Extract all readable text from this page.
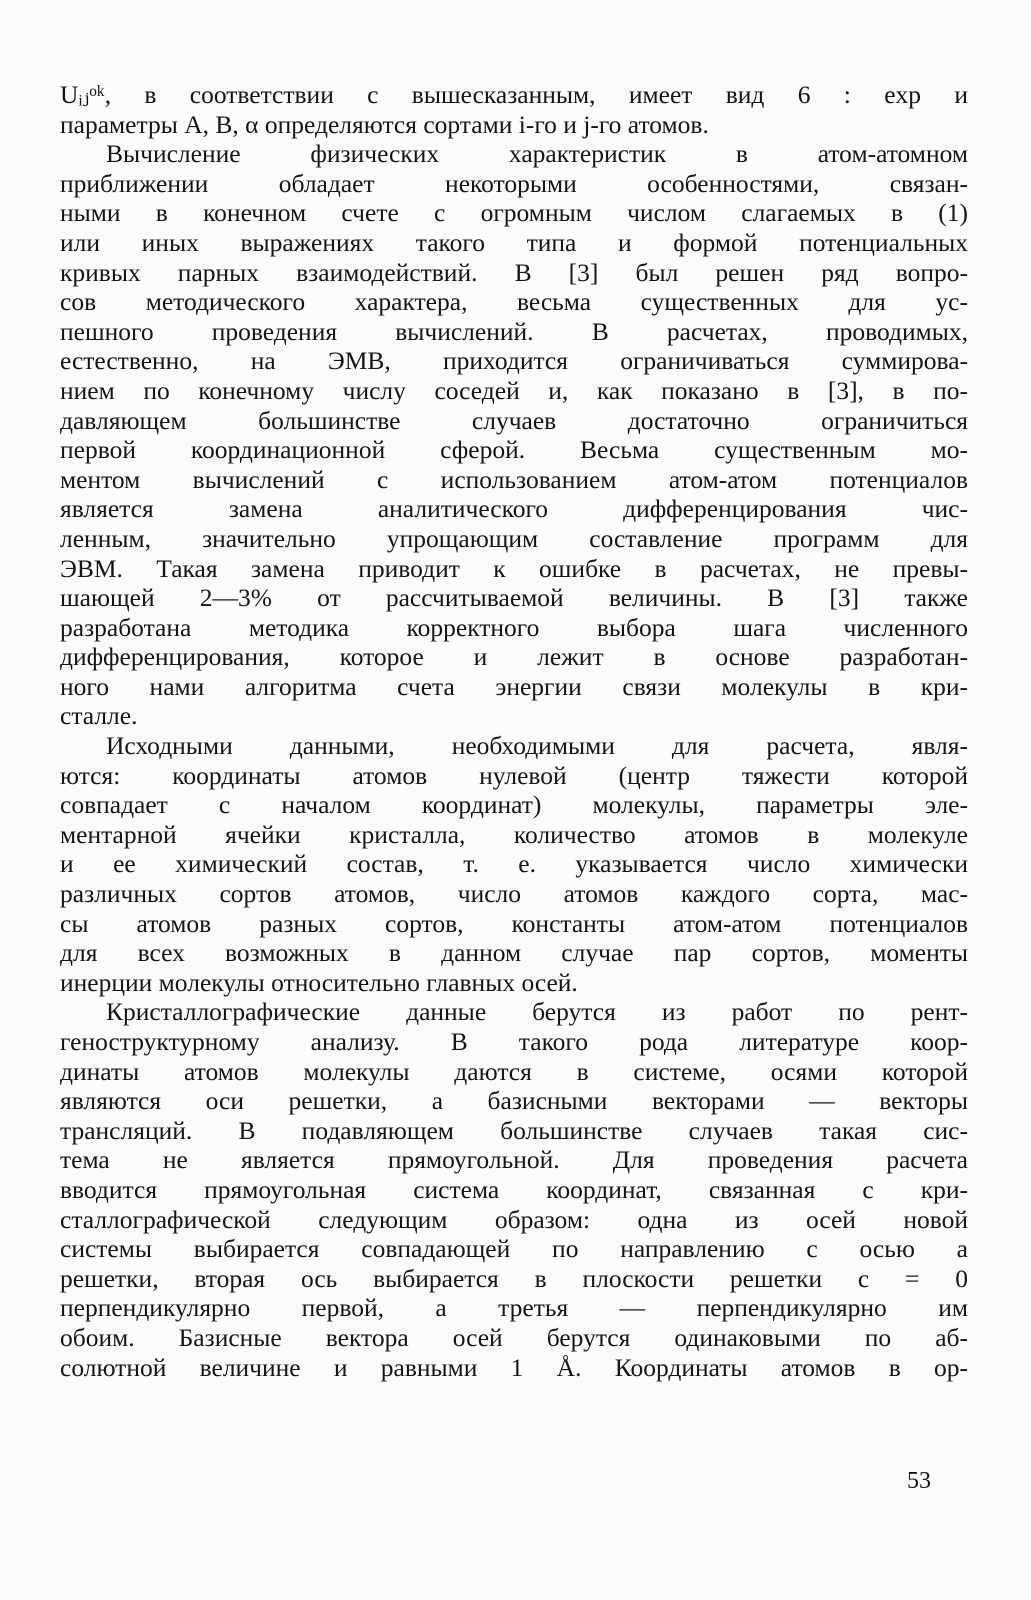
Uᵢⱼᵒᵏ, в соответствии с вышесказанным, имеет вид 6 : exp и
параметры A, B, α определяются сортами i-го и j-го атомов.
Вычисление физических характеристик в атом-атомном
приближении обладает некоторыми особенностями, связан-
ными в конечном счете с огромным числом слагаемых в (1)
или иных выражениях такого типа и формой потенциальных
кривых парных взаимодействий. В [3] был решен ряд вопро-
сов методического характера, весьма существенных для ус-
пешного проведения вычислений. В расчетах, проводимых,
естественно, на ЭМВ, приходится ограничиваться суммирова-
нием по конечному числу соседей и, как показано в [3], в по-
давляющем большинстве случаев достаточно ограничиться
первой координационной сферой. Весьма существенным мо-
ментом вычислений с использованием атом-атом потенциалов
является замена аналитического дифференцирования чис-
ленным, значительно упрощающим составление программ для
ЭВМ. Такая замена приводит к ошибке в расчетах, не превы-
шающей 2—3% от рассчитываемой величины. В [3] также
разработана методика корректного выбора шага численного
дифференцирования, которое и лежит в основе разработан-
ного нами алгоритма счета энергии связи молекулы в кри-
сталле.
Исходными данными, необходимыми для расчета, явля-
ются: координаты атомов нулевой (центр тяжести которой
совпадает с началом координат) молекулы, параметры эле-
ментарной ячейки кристалла, количество атомов в молекуле
и ее химический состав, т. е. указывается число химически
различных сортов атомов, число атомов каждого сорта, мас-
сы атомов разных сортов, константы атом-атом потенциалов
для всех возможных в данном случае пар сортов, моменты
инерции молекулы относительно главных осей.
Кристаллографические данные берутся из работ по рент-
геноструктурному анализу. В такого рода литературе коор-
динаты атомов молекулы даются в системе, осями которой
являются оси решетки, а базисными векторами — векторы
трансляций. В подавляющем большинстве случаев такая сис-
тема не является прямоугольной. Для проведения расчета
вводится прямоугольная система координат, связанная с кри-
сталлографической следующим образом: одна из осей новой
системы выбирается совпадающей по направлению с осью a
решетки, вторая ось выбирается в плоскости решетки c = 0
перпендикулярно первой, а третья — перпендикулярно им
обоим. Базисные вектора осей берутся одинаковыми по аб-
солютной величине и равными 1 Å. Координаты атомов в ор-
53
